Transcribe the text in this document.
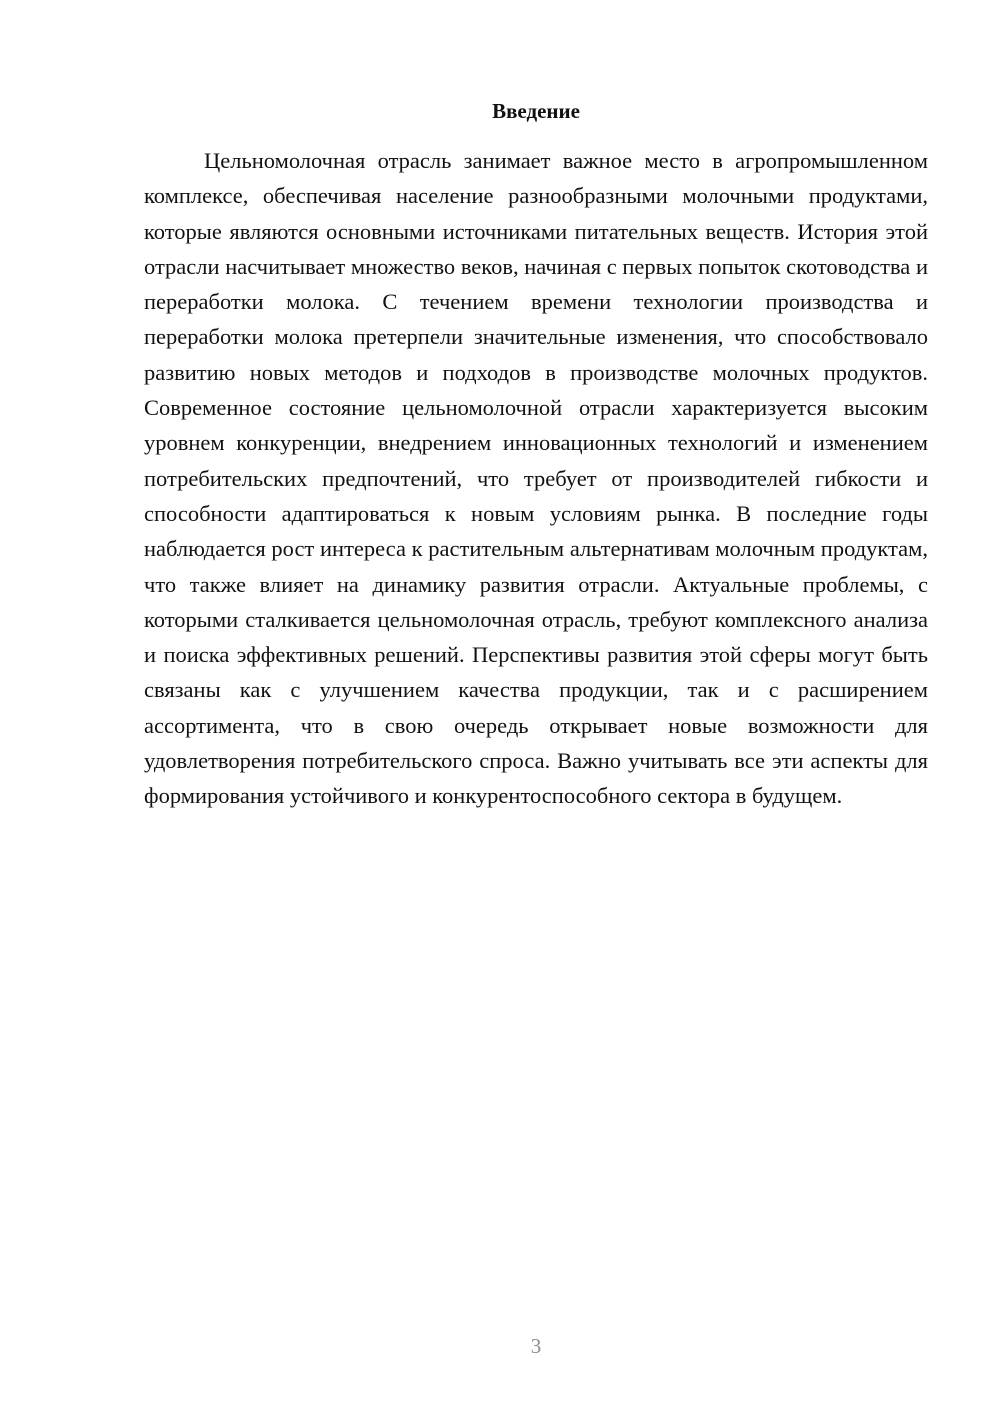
Введение

Цельномолочная отрасль занимает важное место в агропромышленном комплексе, обеспечивая население разнообразными молочными продуктами, которые являются основными источниками питательных веществ. История этой отрасли насчитывает множество веков, начиная с первых попыток скотоводства и переработки молока. С течением времени технологии производства и переработки молока претерпели значительные изменения, что способствовало развитию новых методов и подходов в производстве молочных продуктов. Современное состояние цельномолочной отрасли характеризуется высоким уровнем конкуренции, внедрением инновационных технологий и изменением потребительских предпочтений, что требует от производителей гибкости и способности адаптироваться к новым условиям рынка. В последние годы наблюдается рост интереса к растительным альтернативам молочным продуктам, что также влияет на динамику развития отрасли. Актуальные проблемы, с которыми сталкивается цельномолочная отрасль, требуют комплексного анализа и поиска эффективных решений. Перспективы развития этой сферы могут быть связаны как с улучшением качества продукции, так и с расширением ассортимента, что в свою очередь открывает новые возможности для удовлетворения потребительского спроса. Важно учитывать все эти аспекты для формирования устойчивого и конкурентоспособного сектора в будущем.

3
